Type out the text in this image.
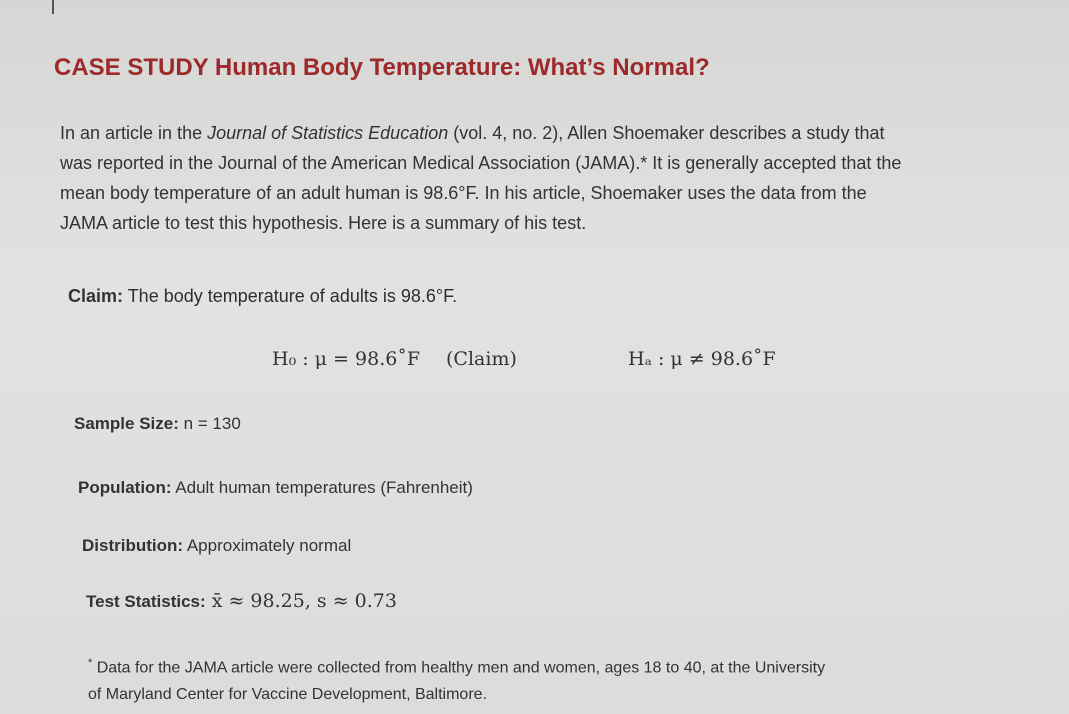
CASE STUDY Human Body Temperature: What’s Normal?
In an article in the Journal of Statistics Education (vol. 4, no. 2), Allen Shoemaker describes a study that
was reported in the Journal of the American Medical Association (JAMA).* It is generally accepted that the
mean body temperature of an adult human is 98.6°F. In his article, Shoemaker uses the data from the
JAMA article to test this hypothesis. Here is a summary of his test.
Claim: The body temperature of adults is 98.6°F.
H₀ : μ = 98.6˚F (Claim)	Hₐ : μ ≠ 98.6˚F
Sample Size: n = 130
Population: Adult human temperatures (Fahrenheit)
Distribution: Approximately normal
Test Statistics: x̄ ≈ 98.25, s ≈ 0.73
* Data for the JAMA article were collected from healthy men and women, ages 18 to 40, at the University
of Maryland Center for Vaccine Development, Baltimore.
